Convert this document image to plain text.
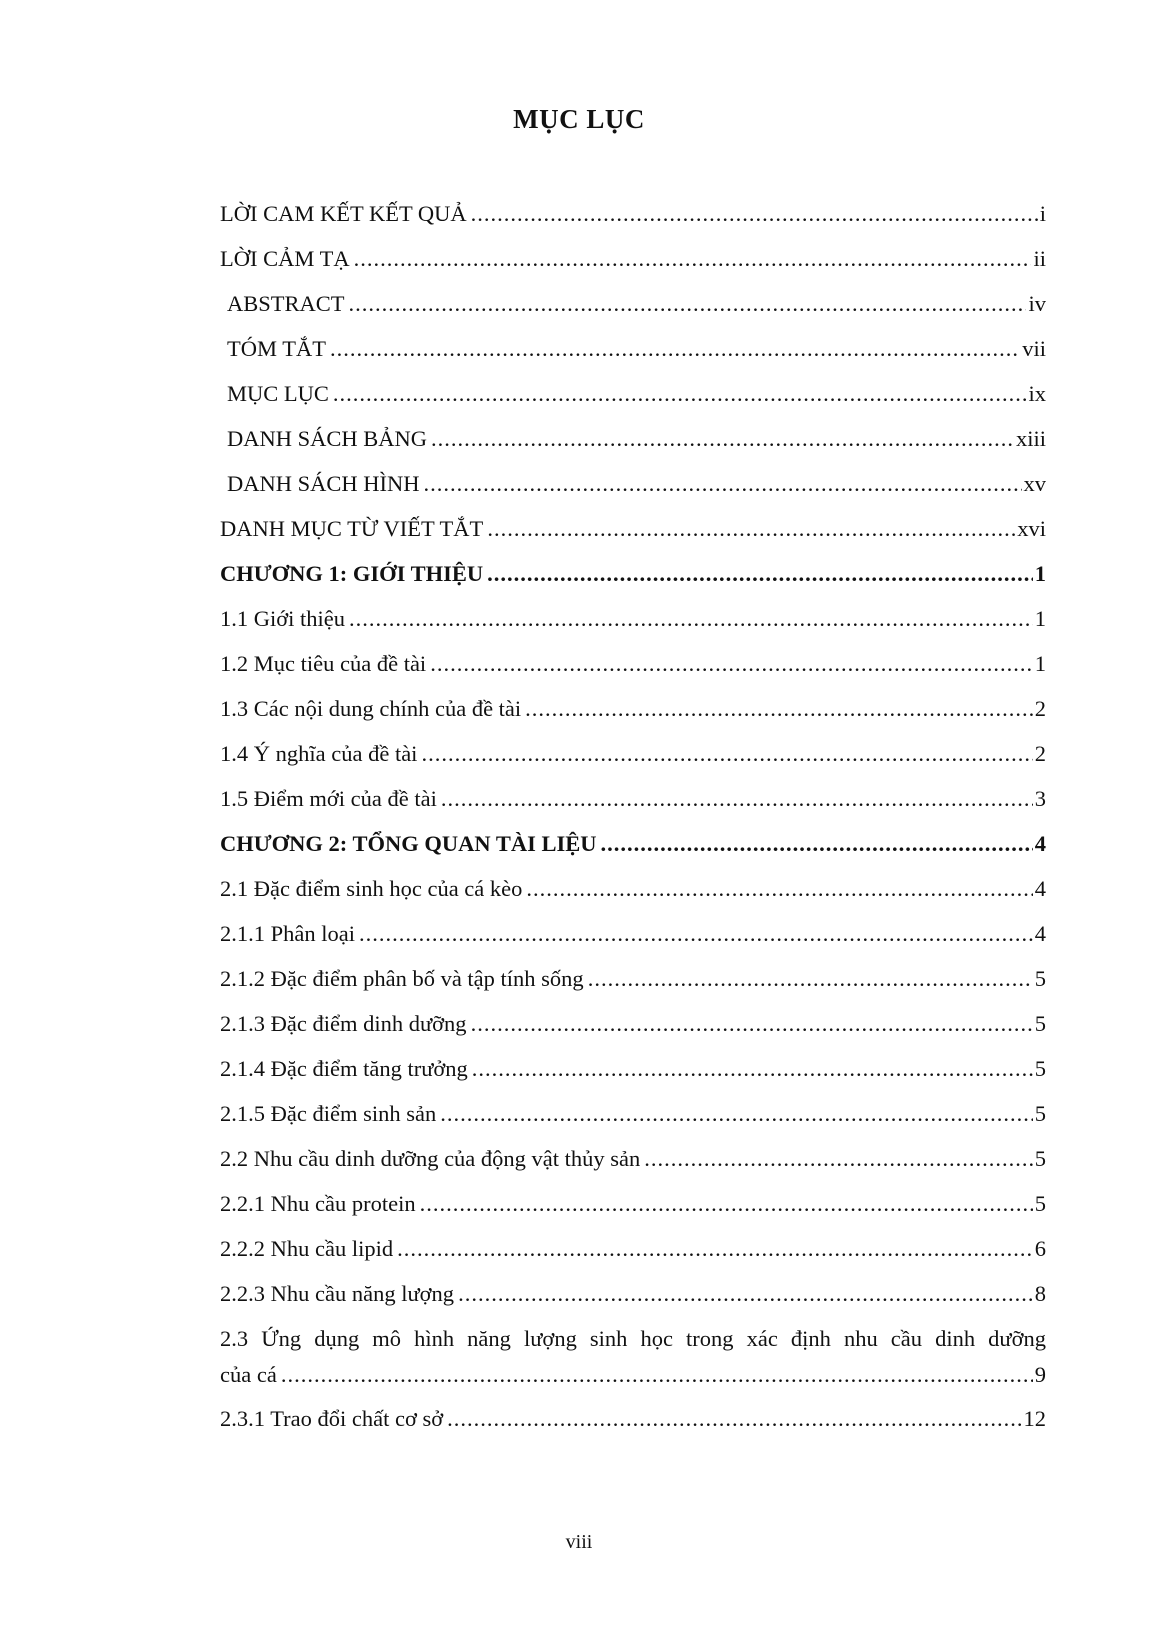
MỤC LỤC
LỜI CAM KẾT KẾT QUẢ .....	i
LỜI CẢM TẠ .....	ii
ABSTRACT .....	iv
TÓM TẮT .....	vii
MỤC LỤC .....	ix
DANH SÁCH BẢNG .....	xiii
DANH SÁCH HÌNH .....	xv
DANH MỤC TỪ VIẾT TẮT .....	xvi
CHƯƠNG 1: GIỚI THIỆU .....	1
1.1 Giới thiệu .....	1
1.2 Mục tiêu của đề tài .....	1
1.3 Các nội dung chính của đề tài .....	2
1.4 Ý nghĩa của đề tài .....	2
1.5 Điểm mới của đề tài .....	3
CHƯƠNG 2: TỔNG QUAN TÀI LIỆU .....	4
2.1 Đặc điểm sinh học của cá kèo .....	4
2.1.1 Phân loại .....	4
2.1.2 Đặc điểm phân bố và tập tính sống .....	5
2.1.3 Đặc điểm dinh dưỡng .....	5
2.1.4 Đặc điểm tăng trưởng .....	5
2.1.5 Đặc điểm sinh sản .....	5
2.2 Nhu cầu dinh dưỡng của động vật thủy sản .....	5
2.2.1 Nhu cầu protein .....	5
2.2.2 Nhu cầu lipid .....	6
2.2.3 Nhu cầu năng lượng .....	8
2.3 Ứng dụng mô hình năng lượng sinh học trong xác định nhu cầu dinh dưỡng
của cá .....	9
2.3.1 Trao đổi chất cơ sở .....	12
viii
